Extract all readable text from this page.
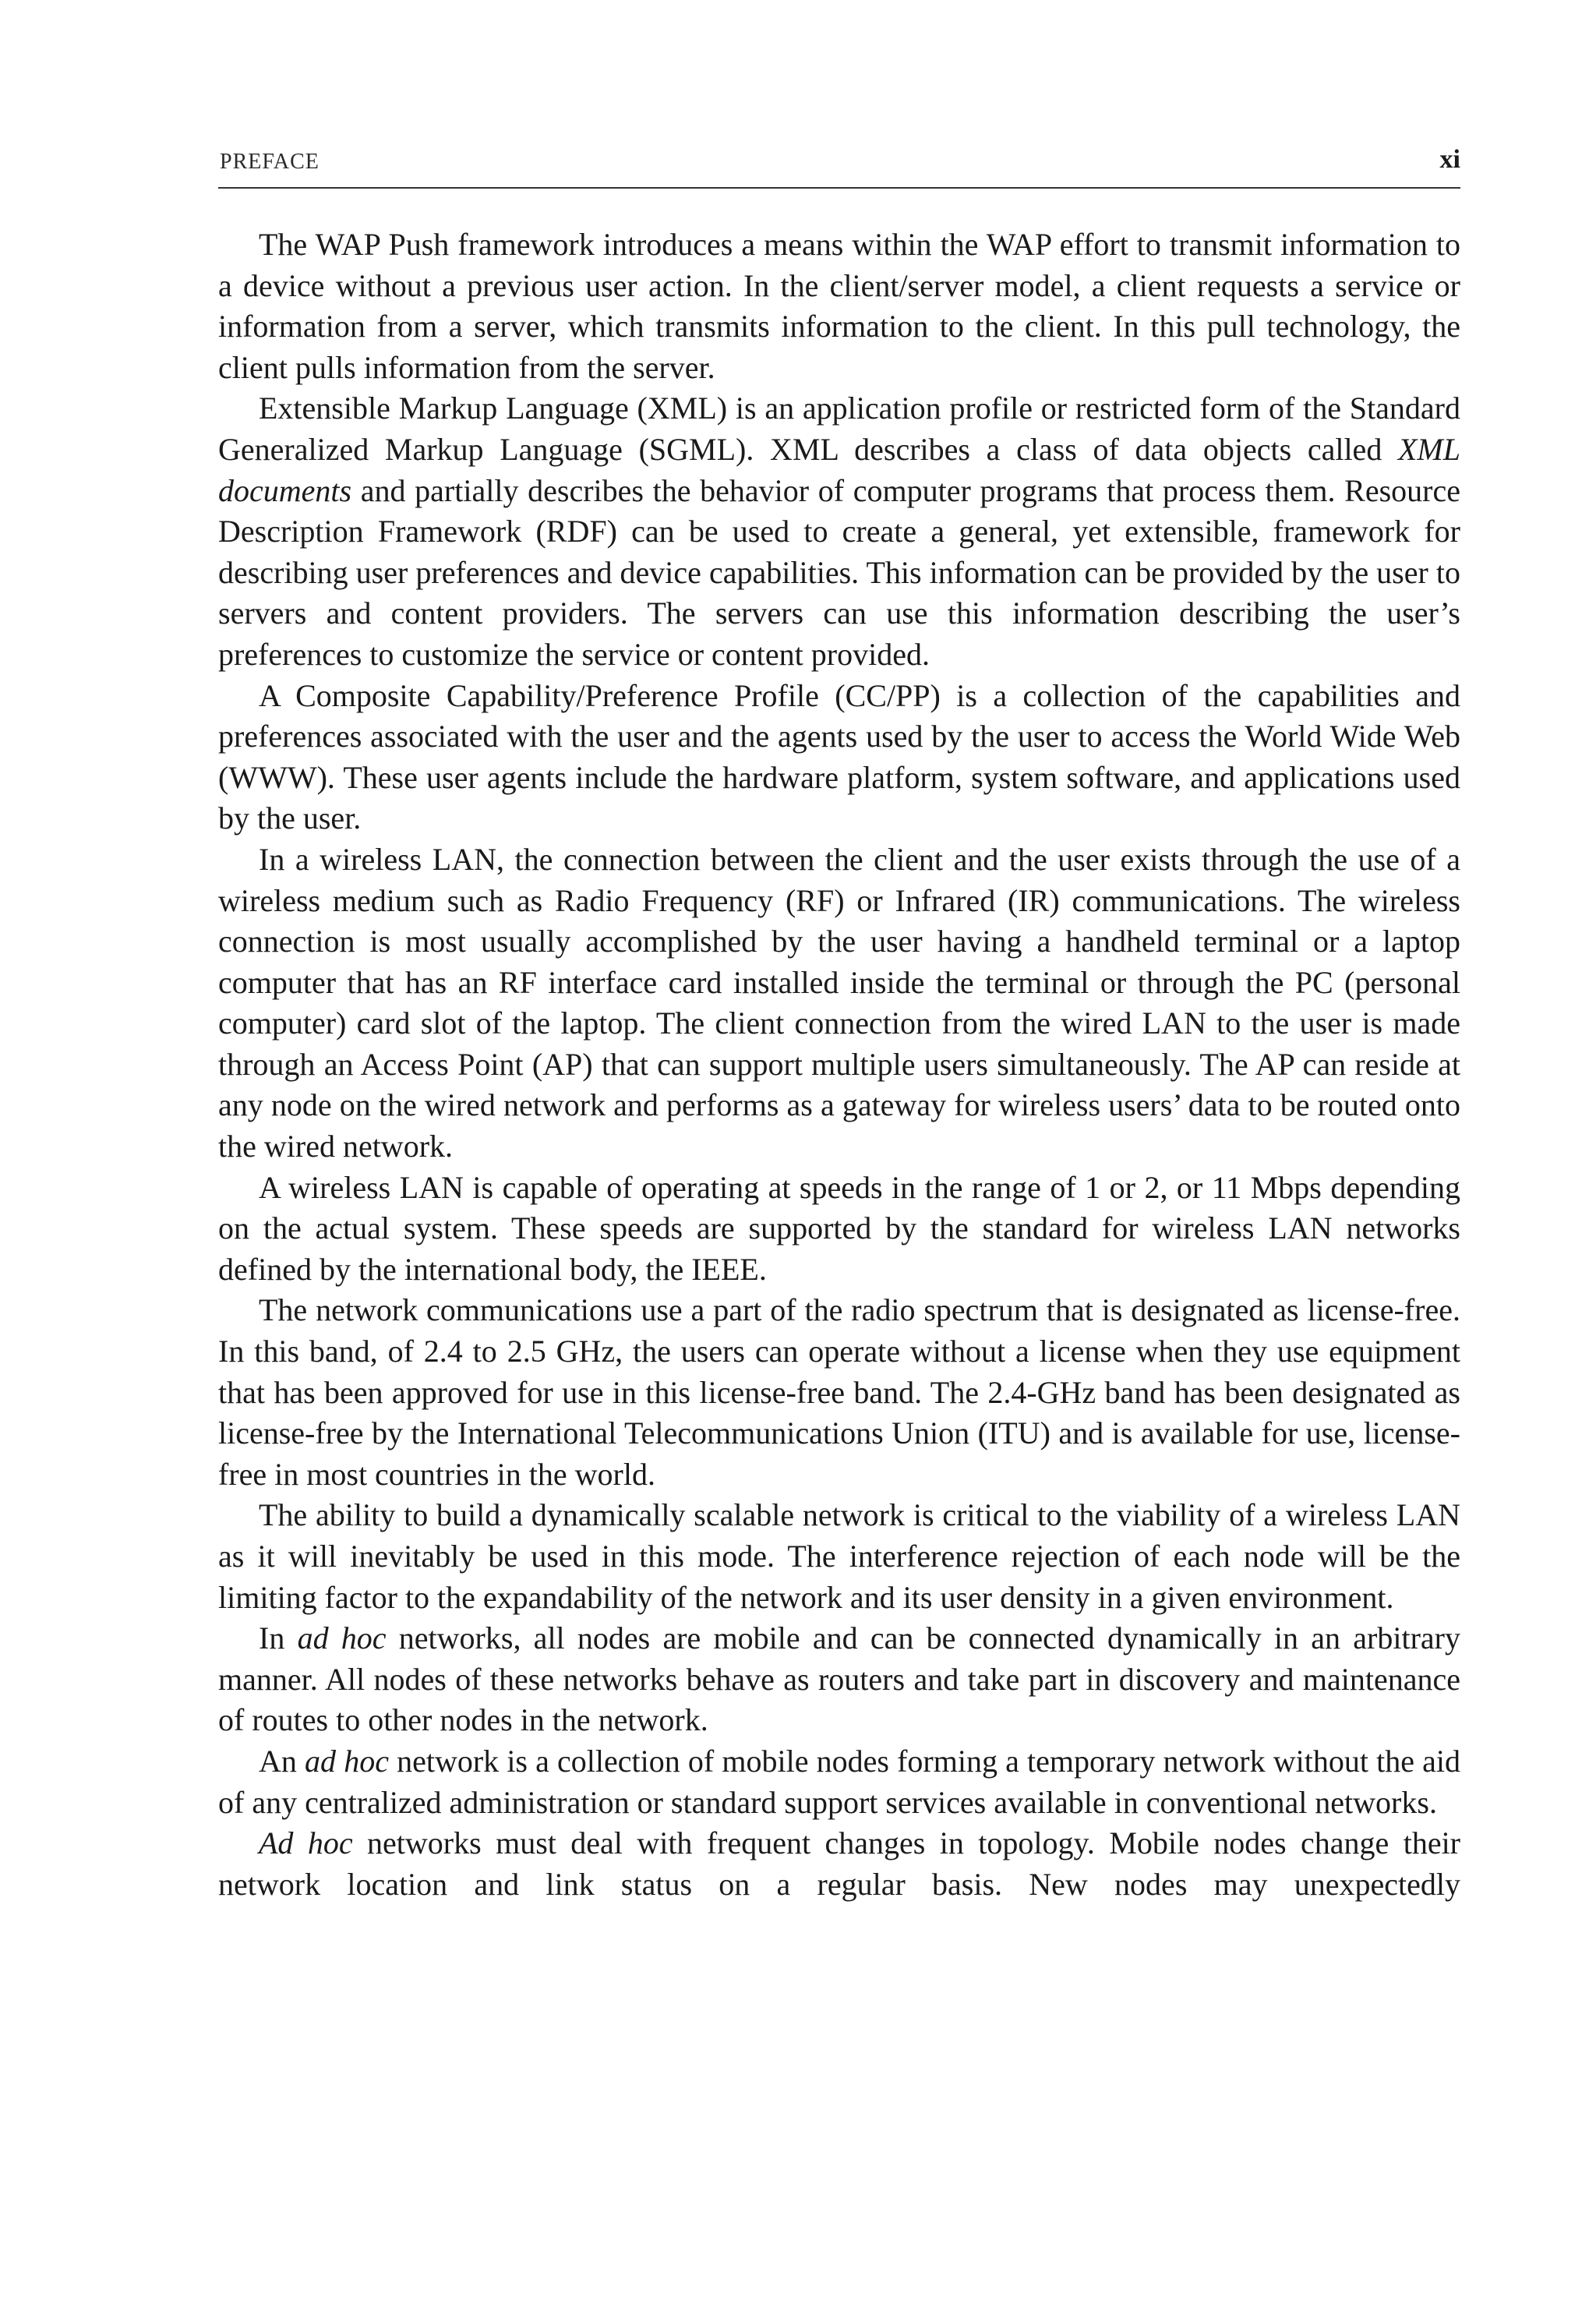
PREFACE	xi

The WAP Push framework introduces a means within the WAP effort to transmit information to a device without a previous user action. In the client/server model, a client requests a service or information from a server, which transmits information to the client. In this pull technology, the client pulls information from the server.

Extensible Markup Language (XML) is an application profile or restricted form of the Standard Generalized Markup Language (SGML). XML describes a class of data objects called XML documents and partially describes the behavior of computer programs that process them. Resource Description Framework (RDF) can be used to create a general, yet extensible, framework for describing user preferences and device capabilities. This information can be provided by the user to servers and content providers. The servers can use this information describing the user’s preferences to customize the service or content provided.

A Composite Capability/Preference Profile (CC/PP) is a collection of the capabilities and preferences associated with the user and the agents used by the user to access the World Wide Web (WWW). These user agents include the hardware platform, system software, and applications used by the user.

In a wireless LAN, the connection between the client and the user exists through the use of a wireless medium such as Radio Frequency (RF) or Infrared (IR) communications. The wireless connection is most usually accomplished by the user having a handheld terminal or a laptop computer that has an RF interface card installed inside the terminal or through the PC (personal computer) card slot of the laptop. The client connection from the wired LAN to the user is made through an Access Point (AP) that can support multiple users simultaneously. The AP can reside at any node on the wired network and performs as a gateway for wireless users’ data to be routed onto the wired network.

A wireless LAN is capable of operating at speeds in the range of 1 or 2, or 11 Mbps depending on the actual system. These speeds are supported by the standard for wireless LAN networks defined by the international body, the IEEE.

The network communications use a part of the radio spectrum that is designated as license-free. In this band, of 2.4 to 2.5 GHz, the users can operate without a license when they use equipment that has been approved for use in this license-free band. The 2.4-GHz band has been designated as license-free by the International Telecommunications Union (ITU) and is available for use, license-free in most countries in the world.

The ability to build a dynamically scalable network is critical to the viability of a wireless LAN as it will inevitably be used in this mode. The interference rejection of each node will be the limiting factor to the expandability of the network and its user density in a given environment.

In ad hoc networks, all nodes are mobile and can be connected dynamically in an arbitrary manner. All nodes of these networks behave as routers and take part in discovery and maintenance of routes to other nodes in the network.

An ad hoc network is a collection of mobile nodes forming a temporary network without the aid of any centralized administration or standard support services available in conventional networks.

Ad hoc networks must deal with frequent changes in topology. Mobile nodes change their network location and link status on a regular basis. New nodes may unexpectedly
